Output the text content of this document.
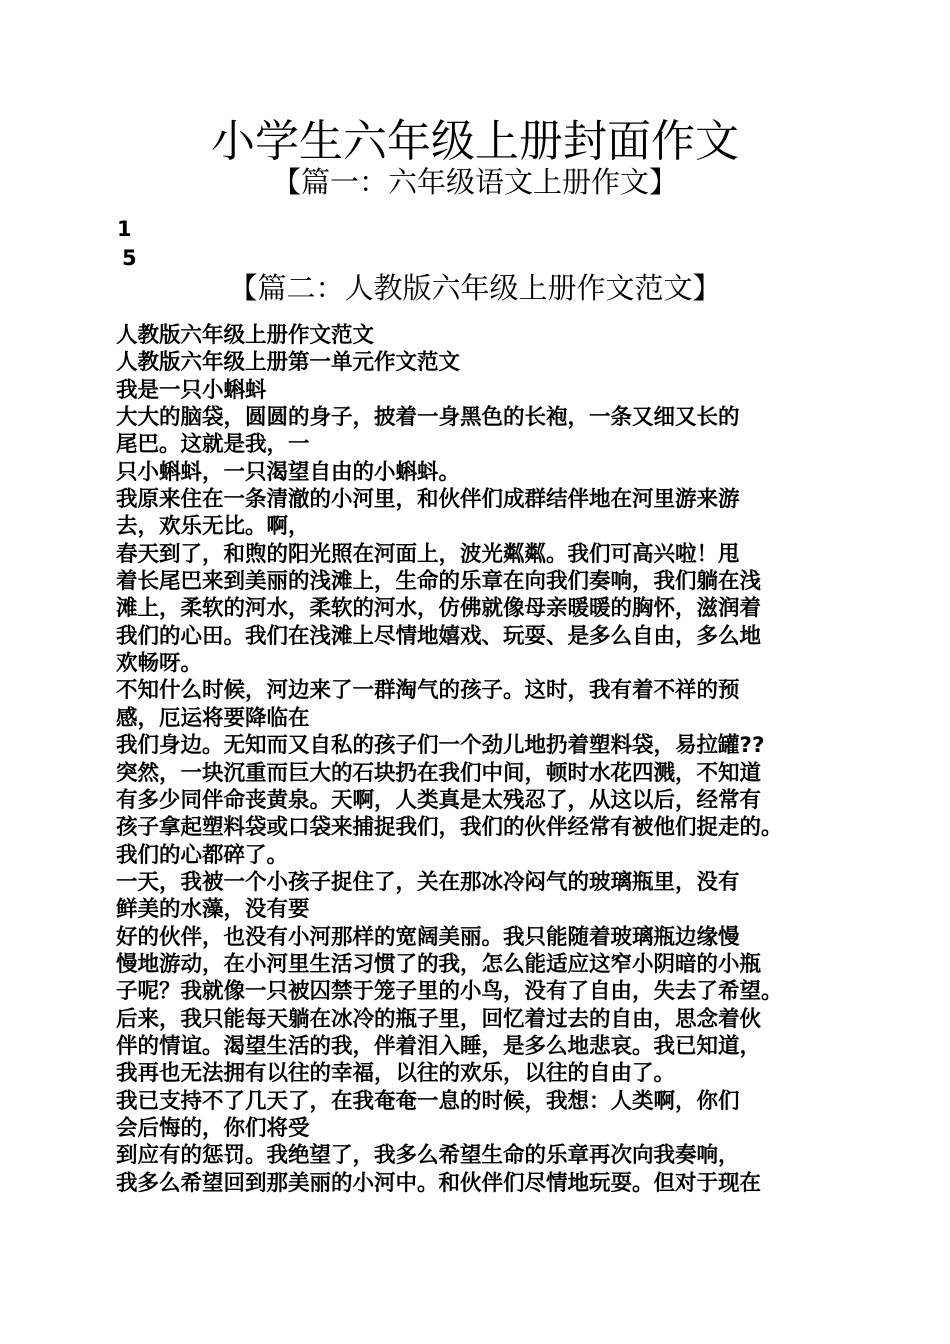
小学生六年级上册封面作文
【篇一：六年级语文上册作文】
1
5
【篇二：人教版六年级上册作文范文】
人教版六年级上册作文范文
人教版六年级上册第一单元作文范文
我是一只小蝌蚪
大大的脑袋，圆圆的身子，披着一身黑色的长袍，一条又细又长的
尾巴。这就是我，一
只小蝌蚪，一只渴望自由的小蝌蚪。
我原来住在一条清澈的小河里，和伙伴们成群结伴地在河里游来游
去，欢乐无比。啊，
春天到了，和煦的阳光照在河面上，波光粼粼。我们可高兴啦！甩
着长尾巴来到美丽的浅滩上，生命的乐章在向我们奏响，我们躺在浅
滩上，柔软的河水，柔软的河水，仿佛就像母亲暖暖的胸怀，滋润着
我们的心田。我们在浅滩上尽情地嬉戏、玩耍、是多么自由，多么地
欢畅呀。
不知什么时候，河边来了一群淘气的孩子。这时，我有着不祥的预
感，厄运将要降临在
我们身边。无知而又自私的孩子们一个劲儿地扔着塑料袋，易拉罐??
突然，一块沉重而巨大的石块扔在我们中间，顿时水花四溅，不知道
有多少同伴命丧黄泉。天啊，人类真是太残忍了，从这以后，经常有
孩子拿起塑料袋或口袋来捕捉我们，我们的伙伴经常有被他们捉走的。
我们的心都碎了。
一天，我被一个小孩子捉住了，关在那冰冷闷气的玻璃瓶里，没有
鲜美的水藻，没有要
好的伙伴，也没有小河那样的宽阔美丽。我只能随着玻璃瓶边缘慢
慢地游动，在小河里生活习惯了的我，怎么能适应这窄小阴暗的小瓶
子呢？我就像一只被囚禁于笼子里的小鸟，没有了自由，失去了希望。
后来，我只能每天躺在冰冷的瓶子里，回忆着过去的自由，思念着伙
伴的情谊。渴望生活的我，伴着泪入睡，是多么地悲哀。我已知道，
我再也无法拥有以往的幸福，以往的欢乐，以往的自由了。
我已支持不了几天了，在我奄奄一息的时候，我想：人类啊，你们
会后悔的，你们将受
到应有的惩罚。我绝望了，我多么希望生命的乐章再次向我奏响，
我多么希望回到那美丽的小河中。和伙伴们尽情地玩耍。但对于现在
